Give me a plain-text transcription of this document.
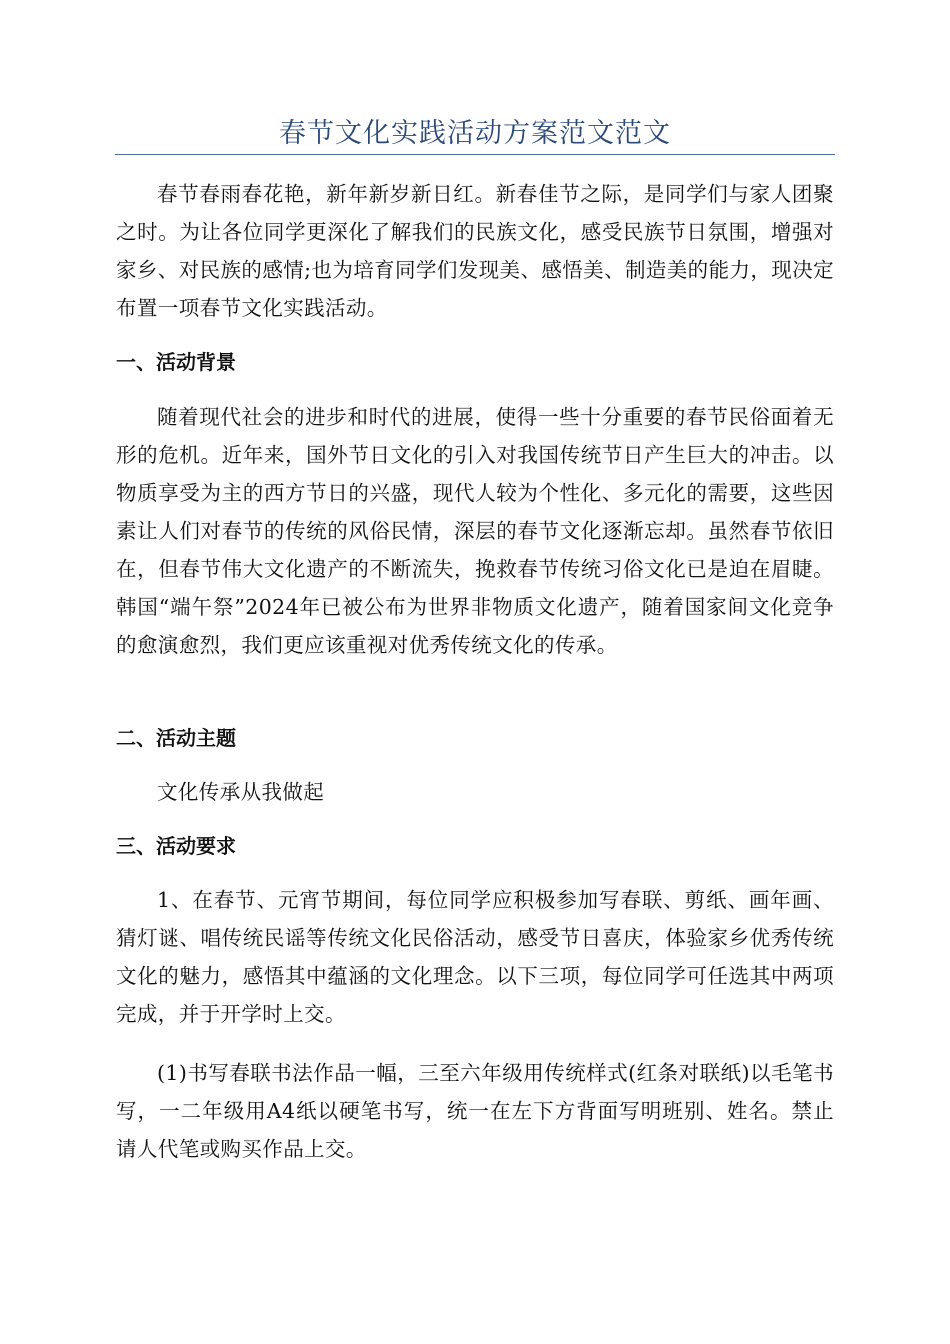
春节文化实践活动方案范文范文

春节春雨春花艳，新年新岁新日红。新春佳节之际，是同学们与家人团聚之时。为让各位同学更深化了解我们的民族文化，感受民族节日氛围，增强对家乡、对民族的感情;也为培育同学们发现美、感悟美、制造美的能力，现决定布置一项春节文化实践活动。

一、活动背景

随着现代社会的进步和时代的进展，使得一些十分重要的春节民俗面着无形的危机。近年来，国外节日文化的引入对我国传统节日产生巨大的冲击。以物质享受为主的西方节日的兴盛，现代人较为个性化、多元化的需要，这些因素让人们对春节的传统的风俗民情，深层的春节文化逐渐忘却。虽然春节依旧在，但春节伟大文化遗产的不断流失，挽救春节传统习俗文化已是迫在眉睫。韩国“端午祭”2024年已被公布为世界非物质文化遗产，随着国家间文化竞争的愈演愈烈，我们更应该重视对优秀传统文化的传承。

二、活动主题

文化传承从我做起

三、活动要求

1、在春节、元宵节期间，每位同学应积极参加写春联、剪纸、画年画、猜灯谜、唱传统民谣等传统文化民俗活动，感受节日喜庆，体验家乡优秀传统文化的魅力，感悟其中蕴涵的文化理念。以下三项，每位同学可任选其中两项完成，并于开学时上交。

(1)书写春联书法作品一幅，三至六年级用传统样式(红条对联纸)以毛笔书写，一二年级用A4纸以硬笔书写，统一在左下方背面写明班别、姓名。禁止请人代笔或购买作品上交。
